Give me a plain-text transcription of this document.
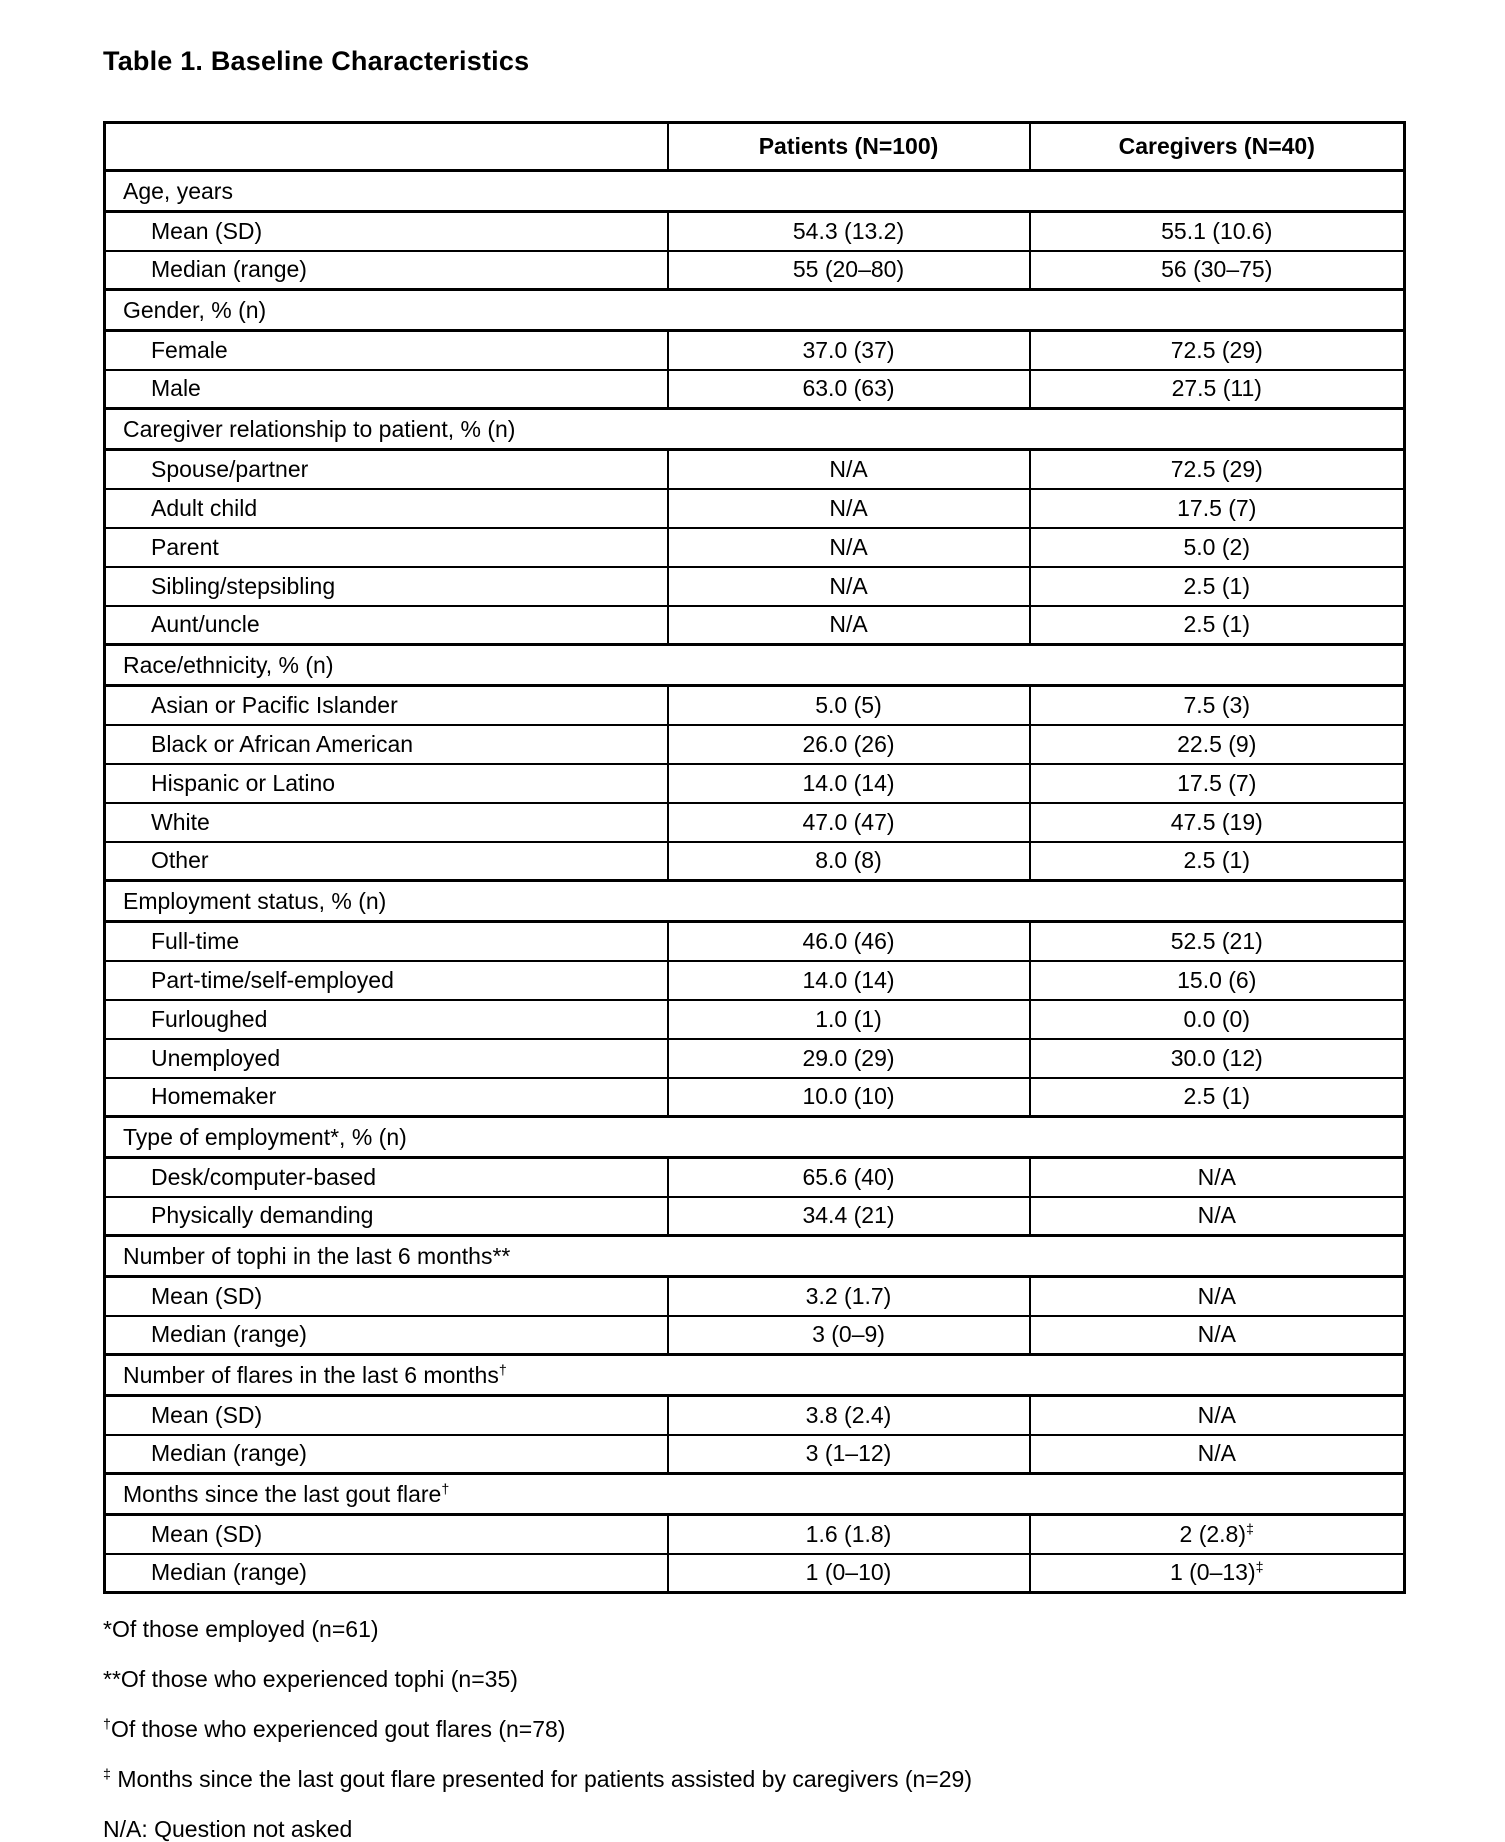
Table 1. Baseline Characteristics
	Patients (N=100)	Caregivers (N=40)
Age, years		
Mean (SD)	54.3 (13.2)	55.1 (10.6)
Median (range)	55 (20–80)	56 (30–75)
Gender, % (n)		
Female	37.0 (37)	72.5 (29)
Male	63.0 (63)	27.5 (11)
Caregiver relationship to patient, % (n)		
Spouse/partner	N/A	72.5 (29)
Adult child	N/A	17.5 (7)
Parent	N/A	5.0 (2)
Sibling/stepsibling	N/A	2.5 (1)
Aunt/uncle	N/A	2.5 (1)
Race/ethnicity, % (n)		
Asian or Pacific Islander	5.0 (5)	7.5 (3)
Black or African American	26.0 (26)	22.5 (9)
Hispanic or Latino	14.0 (14)	17.5 (7)
White	47.0 (47)	47.5 (19)
Other	8.0 (8)	2.5 (1)
Employment status, % (n)		
Full-time	46.0 (46)	52.5 (21)
Part-time/self-employed	14.0 (14)	15.0 (6)
Furloughed	1.0 (1)	0.0 (0)
Unemployed	29.0 (29)	30.0 (12)
Homemaker	10.0 (10)	2.5 (1)
Type of employment*, % (n)		
Desk/computer-based	65.6 (40)	N/A
Physically demanding	34.4 (21)	N/A
Number of tophi in the last 6 months**		
Mean (SD)	3.2 (1.7)	N/A
Median (range)	3 (0–9)	N/A
Number of flares in the last 6 months†
Mean (SD)	3.8 (2.4)	N/A
Median (range)	3 (1–12)	N/A
Months since the last gout flare†
Mean (SD)	1.6 (1.8)	2 (2.8)‡
Median (range)	1 (0–10)	1 (0–13)‡

*Of those employed (n=61)

**Of those who experienced tophi (n=35)

†Of those who experienced gout flares (n=78)

‡ Months since the last gout flare presented for patients assisted by caregivers (n=29)

N/A: Question not asked
